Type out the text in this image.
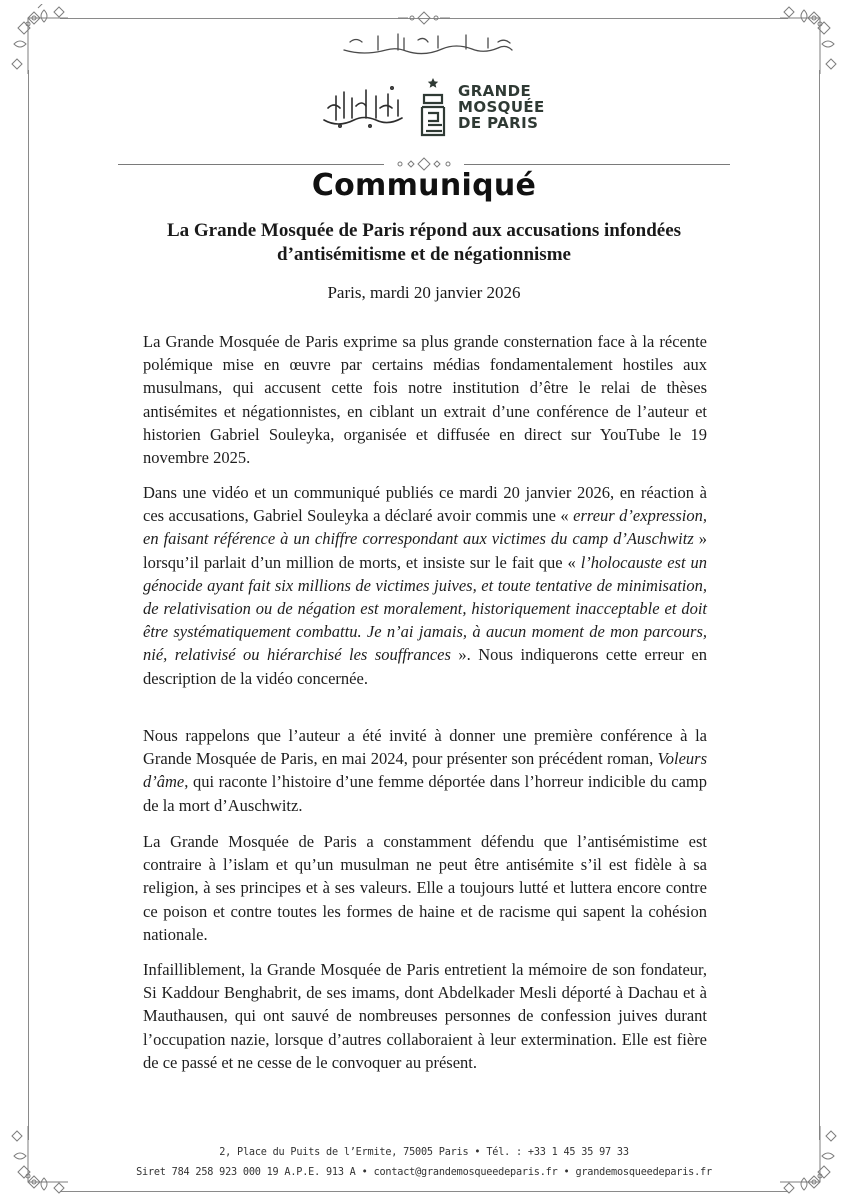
GRANDE
MOSQUÉE
DE PARIS
Communiqué
La Grande Mosquée de Paris répond aux accusations infondées
d’antisémitisme et de négationnisme
Paris, mardi 20 janvier 2026

La Grande Mosquée de Paris exprime sa plus grande consternation face à la récente polémique mise en œuvre par certains médias fondamentalement hostiles aux musulmans, qui accusent cette fois notre institution d’être le relai de thèses antisémites et négationnistes, en ciblant un extrait d’une conférence de l’auteur et historien Gabriel Souleyka, organisée et diffusée en direct sur YouTube le 19 novembre 2025.

Dans une vidéo et un communiqué publiés ce mardi 20 janvier 2026, en réaction à ces accusations, Gabriel Souleyka a déclaré avoir commis une « erreur d’expression, en faisant référence à un chiffre correspondant aux victimes du camp d’Auschwitz » lorsqu’il parlait d’un million de morts, et insiste sur le fait que « l’holocauste est un génocide ayant fait six millions de victimes juives, et toute tentative de minimisation, de relativisation ou de négation est moralement, historiquement inacceptable et doit être systématiquement combattu. Je n’ai jamais, à aucun moment de mon parcours, nié, relativisé ou hiérarchisé les souffrances ». Nous indiquerons cette erreur en description de la vidéo concernée.

Nous rappelons que l’auteur a été invité à donner une première conférence à la Grande Mosquée de Paris, en mai 2024, pour présenter son précédent roman, Voleurs d’âme, qui raconte l’histoire d’une femme déportée dans l’horreur indicible du camp de la mort d’Auschwitz.

La Grande Mosquée de Paris a constamment défendu que l’antisémistime est contraire à l’islam et qu’un musulman ne peut être antisémite s’il est fidèle à sa religion, à ses principes et à ses valeurs. Elle a toujours lutté et luttera encore contre ce poison et contre toutes les formes de haine et de racisme qui sapent la cohésion nationale.

Infailliblement, la Grande Mosquée de Paris entretient la mémoire de son fondateur, Si Kaddour Benghabrit, de ses imams, dont Abdelkader Mesli déporté à Dachau et à Mauthausen, qui ont sauvé de nombreuses personnes de confession juives durant l’occupation nazie, lorsque d’autres collaboraient à leur extermination. Elle est fière de ce passé et ne cesse de le convoquer au présent.

2, Place du Puits de l’Ermite, 75005 Paris • Tél. : +33 1 45 35 97 33
Siret 784 258 923 000 19 A.P.E. 913 A • contact@grandemosqueedeparis.fr • grandemosqueedeparis.fr
